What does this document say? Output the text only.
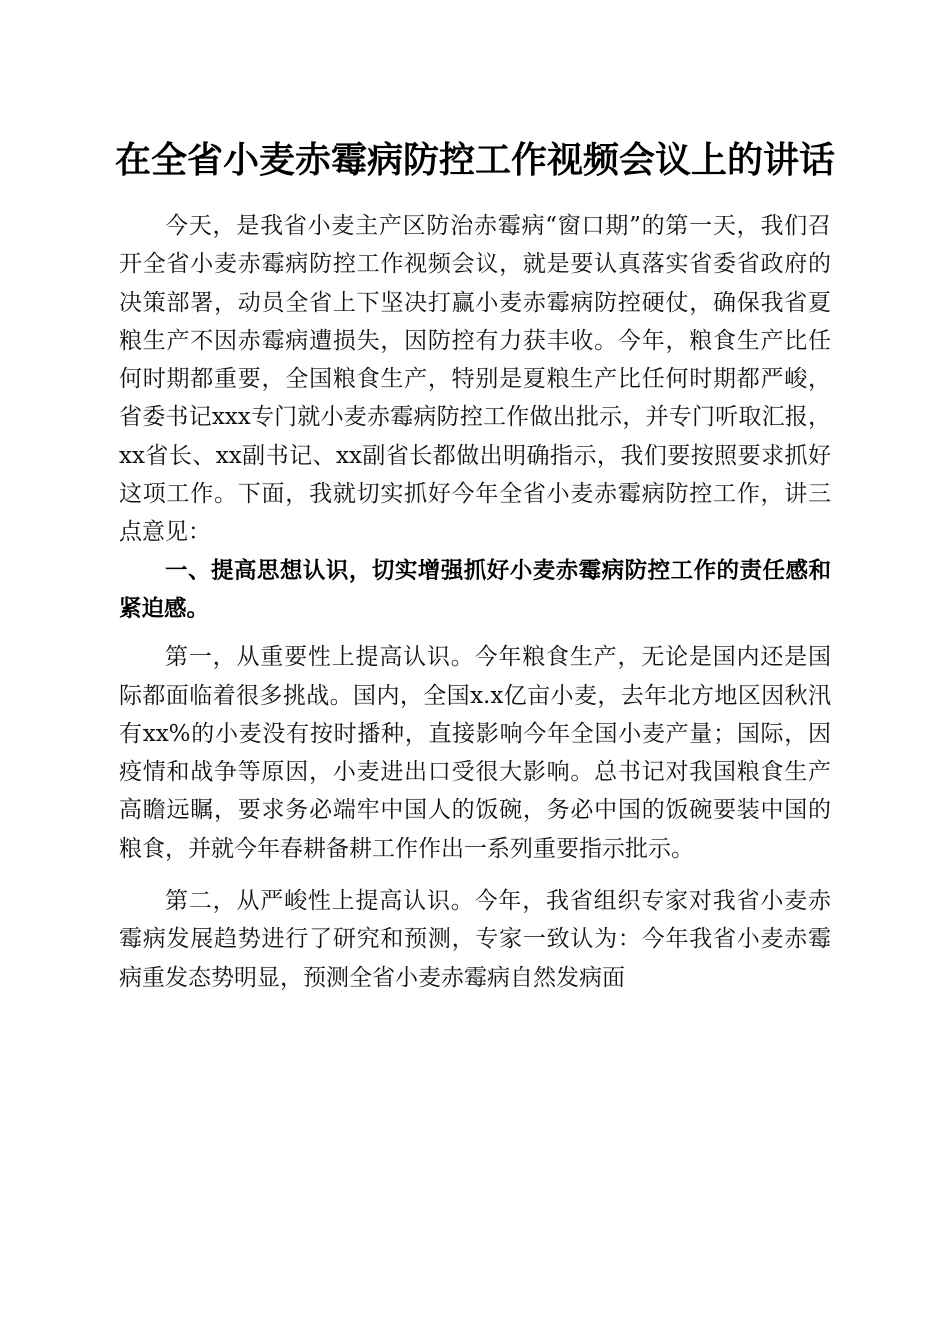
在全省小麦赤霉病防控工作视频会议上的讲话

今天，是我省小麦主产区防治赤霉病“窗口期”的第一天，我们召开全省小麦赤霉病防控工作视频会议，就是要认真落实省委省政府的决策部署，动员全省上下坚决打赢小麦赤霉病防控硬仗，确保我省夏粮生产不因赤霉病遭损失，因防控有力获丰收。今年，粮食生产比任何时期都重要，全国粮食生产，特别是夏粮生产比任何时期都严峻，省委书记xxx专门就小麦赤霉病防控工作做出批示，并专门听取汇报，xx省长、xx副书记、xx副省长都做出明确指示，我们要按照要求抓好这项工作。下面，我就切实抓好今年全省小麦赤霉病防控工作，讲三点意见：

一、提高思想认识，切实增强抓好小麦赤霉病防控工作的责任感和紧迫感。

第一，从重要性上提高认识。今年粮食生产，无论是国内还是国际都面临着很多挑战。国内，全国x.x亿亩小麦，去年北方地区因秋汛有xx%的小麦没有按时播种，直接影响今年全国小麦产量；国际，因疫情和战争等原因，小麦进出口受很大影响。总书记对我国粮食生产高瞻远瞩，要求务必端牢中国人的饭碗，务必中国的饭碗要装中国的粮食，并就今年春耕备耕工作作出一系列重要指示批示。

第二，从严峻性上提高认识。今年，我省组织专家对我省小麦赤霉病发展趋势进行了研究和预测，专家一致认为：今年我省小麦赤霉病重发态势明显，预测全省小麦赤霉病自然发病面
